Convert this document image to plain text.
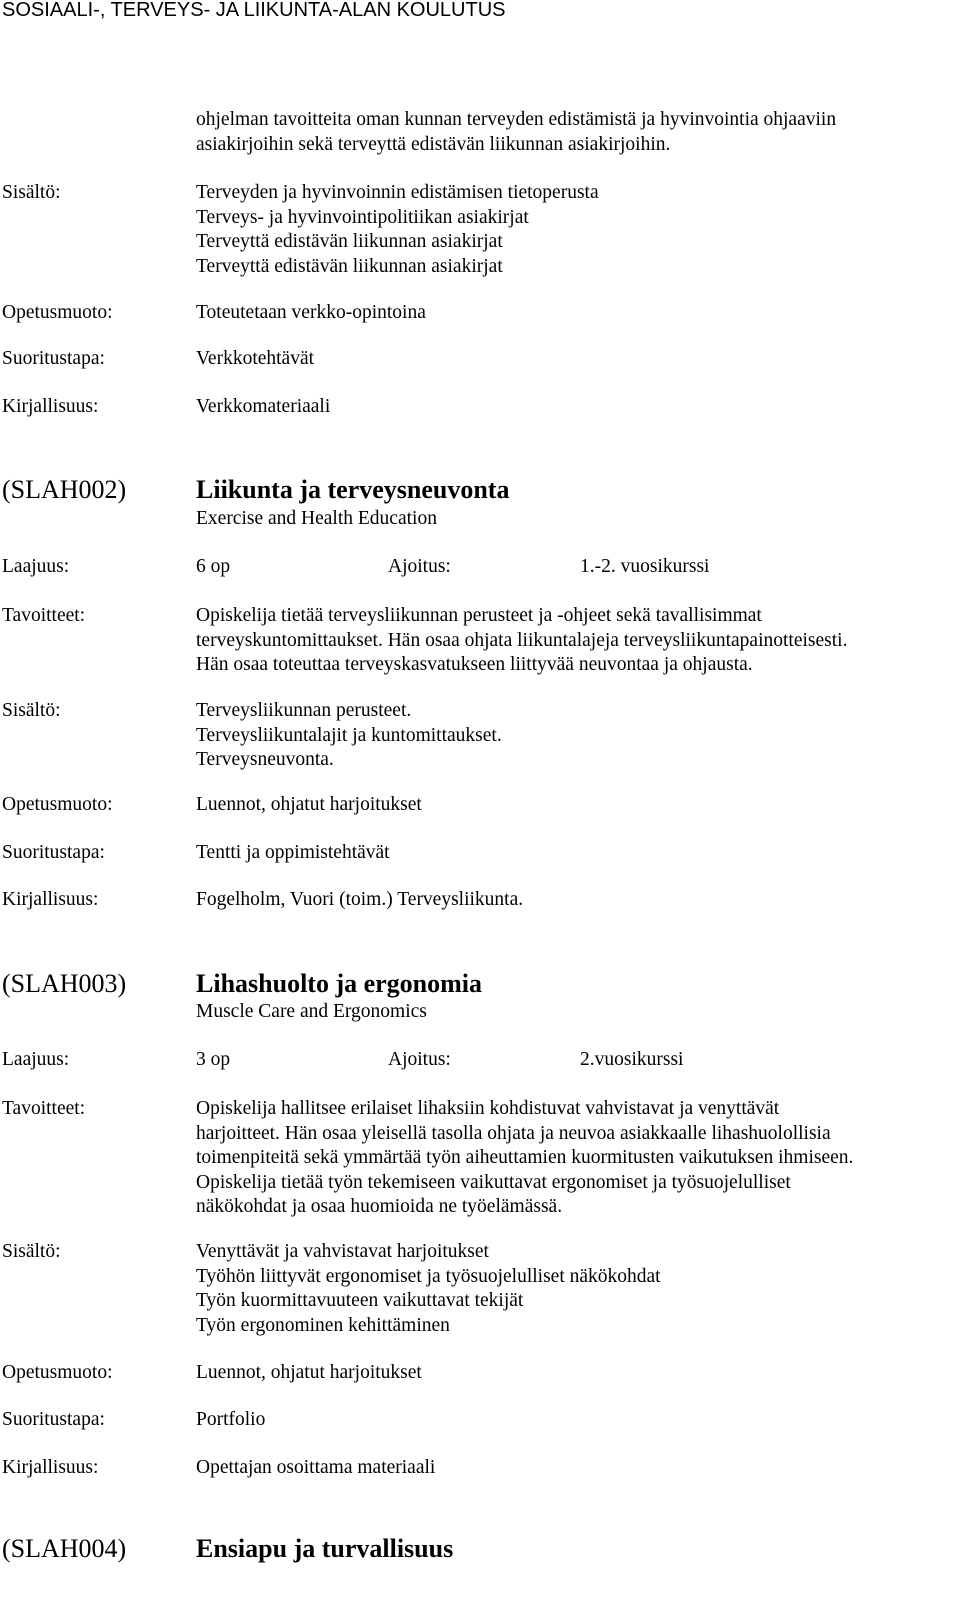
SOSIAALI-, TERVEYS- JA LIIKUNTA-ALAN KOULUTUS
ohjelman tavoitteita oman kunnan terveyden edistämistä ja hyvinvointia ohjaaviin
asiakirjoihin sekä terveyttä edistävän liikunnan asiakirjoihin.
Sisältö:	Terveyden ja hyvinvoinnin edistämisen tietoperusta
Terveys- ja hyvinvointipolitiikan asiakirjat
Terveyttä edistävän liikunnan asiakirjat
Terveyttä edistävän liikunnan asiakirjat
Opetusmuoto:	Toteutetaan verkko-opintoina
Suoritustapa:	Verkkotehtävät
Kirjallisuus:	Verkkomateriaali
(SLAH002)	Liikunta ja terveysneuvonta
Exercise and Health Education
Laajuus:	6 op	Ajoitus:	1.-2. vuosikurssi
Tavoitteet:	Opiskelija tietää terveysliikunnan perusteet ja -ohjeet sekä tavallisimmat
terveyskuntomittaukset. Hän osaa ohjata liikuntalajeja terveysliikuntapainotteisesti.
Hän osaa toteuttaa terveyskasvatukseen liittyvää neuvontaa ja ohjausta.
Sisältö:	Terveysliikunnan perusteet.
Terveysliikuntalajit ja kuntomittaukset.
Terveysneuvonta.
Opetusmuoto:	Luennot, ohjatut harjoitukset
Suoritustapa:	Tentti ja oppimistehtävät
Kirjallisuus:	Fogelholm, Vuori (toim.) Terveysliikunta.
(SLAH003)	Lihashuolto ja ergonomia
Muscle Care and Ergonomics
Laajuus:	3 op	Ajoitus:	2.vuosikurssi
Tavoitteet:	Opiskelija hallitsee erilaiset lihaksiin kohdistuvat vahvistavat ja venyttävät
harjoitteet. Hän osaa yleisellä tasolla ohjata ja neuvoa asiakkaalle lihashuolollisia
toimenpiteitä sekä ymmärtää työn aiheuttamien kuormitusten vaikutuksen ihmiseen.
Opiskelija tietää työn tekemiseen vaikuttavat ergonomiset ja työsuojelulliset
näkökohdat ja osaa huomioida ne työelämässä.
Sisältö:	Venyttävät ja vahvistavat harjoitukset
Työhön liittyvät ergonomiset ja työsuojelulliset näkökohdat
Työn kuormittavuuteen vaikuttavat tekijät
Työn ergonominen kehittäminen
Opetusmuoto:	Luennot, ohjatut harjoitukset
Suoritustapa:	Portfolio
Kirjallisuus:	Opettajan osoittama materiaali
(SLAH004)	Ensiapu ja turvallisuus
